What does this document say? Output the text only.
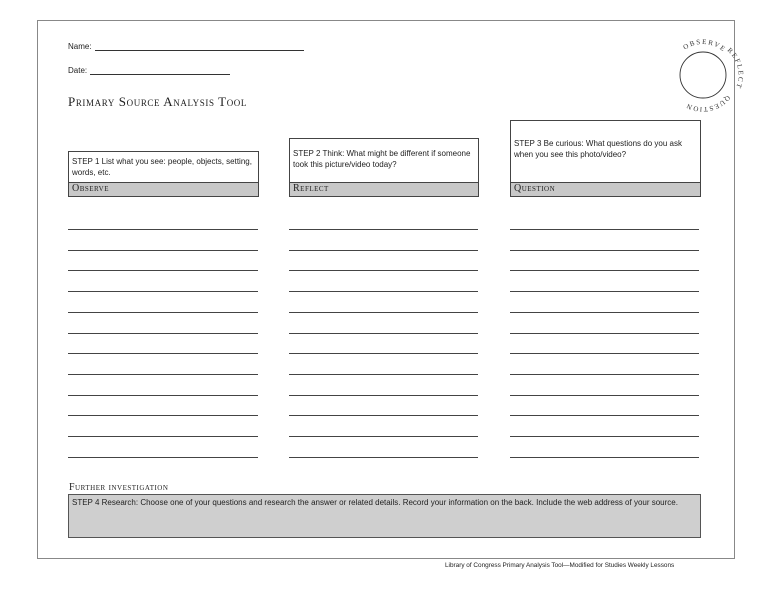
Name:
Date:
Primary Source Analysis Tool
OBSERVE
REFLECT
QUESTION
STEP 1 List what you see: people, objects, setting, words, etc.
Observe
STEP 2 Think: What might be different if someone took this picture/video today?
Reflect
STEP 3 Be curious: What questions do you ask when you see this photo/video?
Question
Further investigation
STEP 4 Research: Choose one of your questions and research the answer or related details. Record your information on the back. Include the web address of your source.
Library of Congress Primary Analysis Tool—Modified for Studies Weekly Lessons
